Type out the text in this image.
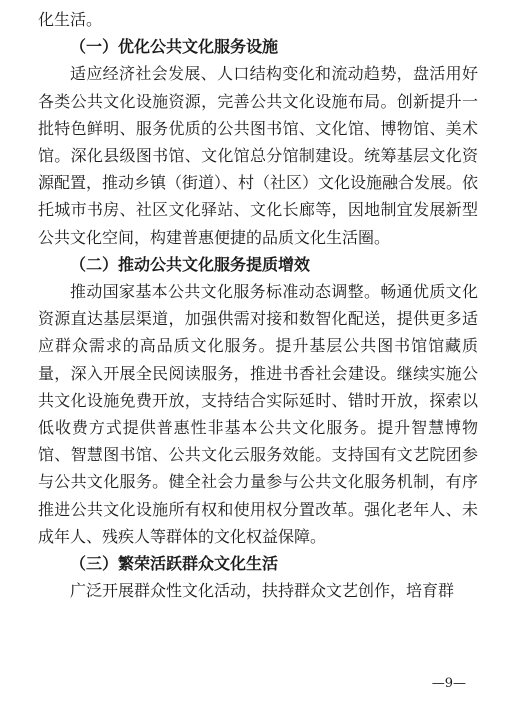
化生活。

（一）优化公共文化服务设施

适应经济社会发展、人口结构变化和流动趋势，盘活用好各类公共文化设施资源，完善公共文化设施布局。创新提升一批特色鲜明、服务优质的公共图书馆、文化馆、博物馆、美术馆。深化县级图书馆、文化馆总分馆制建设。统筹基层文化资源配置，推动乡镇（街道）、村（社区）文化设施融合发展。依托城市书房、社区文化驿站、文化长廊等，因地制宜发展新型公共文化空间，构建普惠便捷的品质文化生活圈。

（二）推动公共文化服务提质增效

推动国家基本公共文化服务标准动态调整。畅通优质文化资源直达基层渠道，加强供需对接和数智化配送，提供更多适应群众需求的高品质文化服务。提升基层公共图书馆馆藏质量，深入开展全民阅读服务，推进书香社会建设。继续实施公共文化设施免费开放，支持结合实际延时、错时开放，探索以低收费方式提供普惠性非基本公共文化服务。提升智慧博物馆、智慧图书馆、公共文化云服务效能。支持国有文艺院团参与公共文化服务。健全社会力量参与公共文化服务机制，有序推进公共文化设施所有权和使用权分置改革。强化老年人、未成年人、残疾人等群体的文化权益保障。

（三）繁荣活跃群众文化生活

广泛开展群众性文化活动，扶持群众文艺创作，培育群

—9—
